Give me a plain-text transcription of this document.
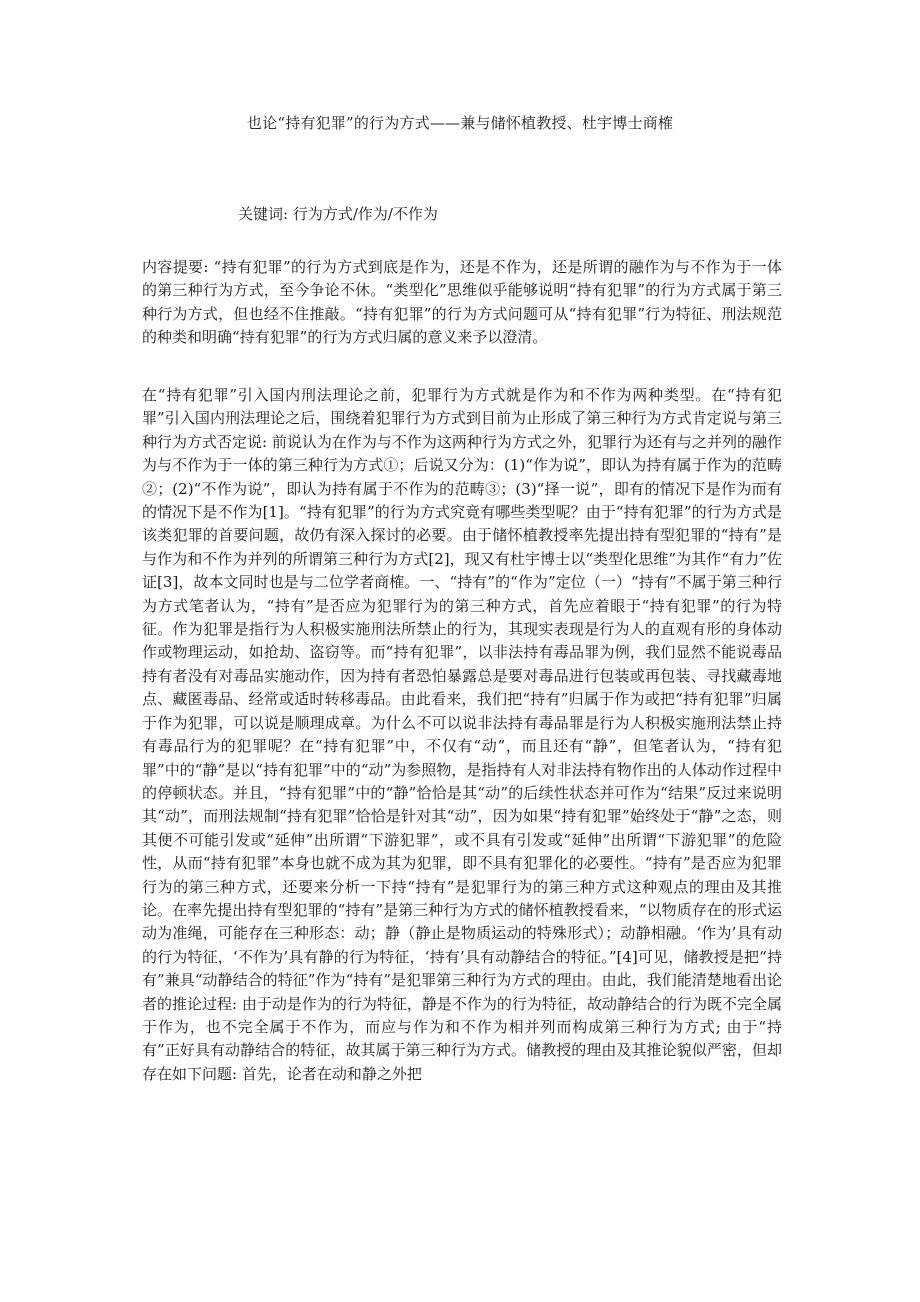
也论“持有犯罪”的行为方式——兼与储怀植教授、杜宇博士商榷
关键词: 行为方式/作为/不作为
内容提要: “持有犯罪”的行为方式到底是作为，还是不作为，还是所谓的融作为与不作为于一体的第三种行为方式，至今争论不休。“类型化”思维似乎能够说明“持有犯罪”的行为方式属于第三种行为方式，但也经不住推敲。“持有犯罪”的行为方式问题可从“持有犯罪”行为特征、刑法规范的种类和明确“持有犯罪”的行为方式归属的意义来予以澄清。
在“持有犯罪”引入国内刑法理论之前，犯罪行为方式就是作为和不作为两种类型。在“持有犯罪”引入国内刑法理论之后，围绕着犯罪行为方式到目前为止形成了第三种行为方式肯定说与第三种行为方式否定说: 前说认为在作为与不作为这两种行为方式之外，犯罪行为还有与之并列的融作为与不作为于一体的第三种行为方式①；后说又分为：(1)“作为说”，即认为持有属于作为的范畴②；(2)“不作为说”，即认为持有属于不作为的范畴③；(3)“择一说”，即有的情况下是作为而有的情况下是不作为[1]。“持有犯罪”的行为方式究竟有哪些类型呢？由于“持有犯罪”的行为方式是该类犯罪的首要问题，故仍有深入探讨的必要。由于储怀植教授率先提出持有型犯罪的“持有”是与作为和不作为并列的所谓第三种行为方式[2]，现又有杜宇博士以“类型化思维”为其作“有力”佐证[3]，故本文同时也是与二位学者商榷。一、“持有”的“作为”定位（一）“持有”不属于第三种行为方式笔者认为，“持有”是否应为犯罪行为的第三种方式，首先应着眼于“持有犯罪”的行为特征。作为犯罪是指行为人积极实施刑法所禁止的行为，其现实表现是行为人的直观有形的身体动作或物理运动，如抢劫、盗窃等。而“持有犯罪”，以非法持有毒品罪为例，我们显然不能说毒品持有者没有对毒品实施动作，因为持有者恐怕暴露总是要对毒品进行包装或再包装、寻找藏毒地点、藏匿毒品、经常或适时转移毒品。由此看来，我们把“持有”归属于作为或把“持有犯罪”归属于作为犯罪，可以说是顺理成章。为什么不可以说非法持有毒品罪是行为人积极实施刑法禁止持有毒品行为的犯罪呢？在“持有犯罪”中，不仅有“动”，而且还有“静”，但笔者认为，“持有犯罪”中的“静”是以“持有犯罪”中的“动”为参照物，是指持有人对非法持有物作出的人体动作过程中的停顿状态。并且，“持有犯罪”中的“静”恰恰是其“动”的后续性状态并可作为“结果”反过来说明其“动”，而刑法规制“持有犯罪”恰恰是针对其“动”，因为如果“持有犯罪”始终处于“静”之态，则其便不可能引发或“延伸”出所谓“下游犯罪”，或不具有引发或“延伸”出所谓“下游犯罪”的危险性，从而“持有犯罪”本身也就不成为其为犯罪，即不具有犯罪化的必要性。“持有”是否应为犯罪行为的第三种方式，还要来分析一下持“持有”是犯罪行为的第三种方式这种观点的理由及其推论。在率先提出持有型犯罪的“持有”是第三种行为方式的储怀植教授看来，“以物质存在的形式运动为准绳，可能存在三种形态：动；静（静止是物质运动的特殊形式）；动静相融。‘作为’具有动的行为特征，‘不作为’具有静的行为特征，‘持有’具有动静结合的特征。”[4]可见，储教授是把“持有”兼具“动静结合的特征”作为“持有”是犯罪第三种行为方式的理由。由此，我们能清楚地看出论者的推论过程: 由于动是作为的行为特征，静是不作为的行为特征，故动静结合的行为既不完全属于作为，也不完全属于不作为，而应与作为和不作为相并列而构成第三种行为方式; 由于“持有”正好具有动静结合的特征，故其属于第三种行为方式。储教授的理由及其推论貌似严密，但却存在如下问题: 首先，论者在动和静之外把
